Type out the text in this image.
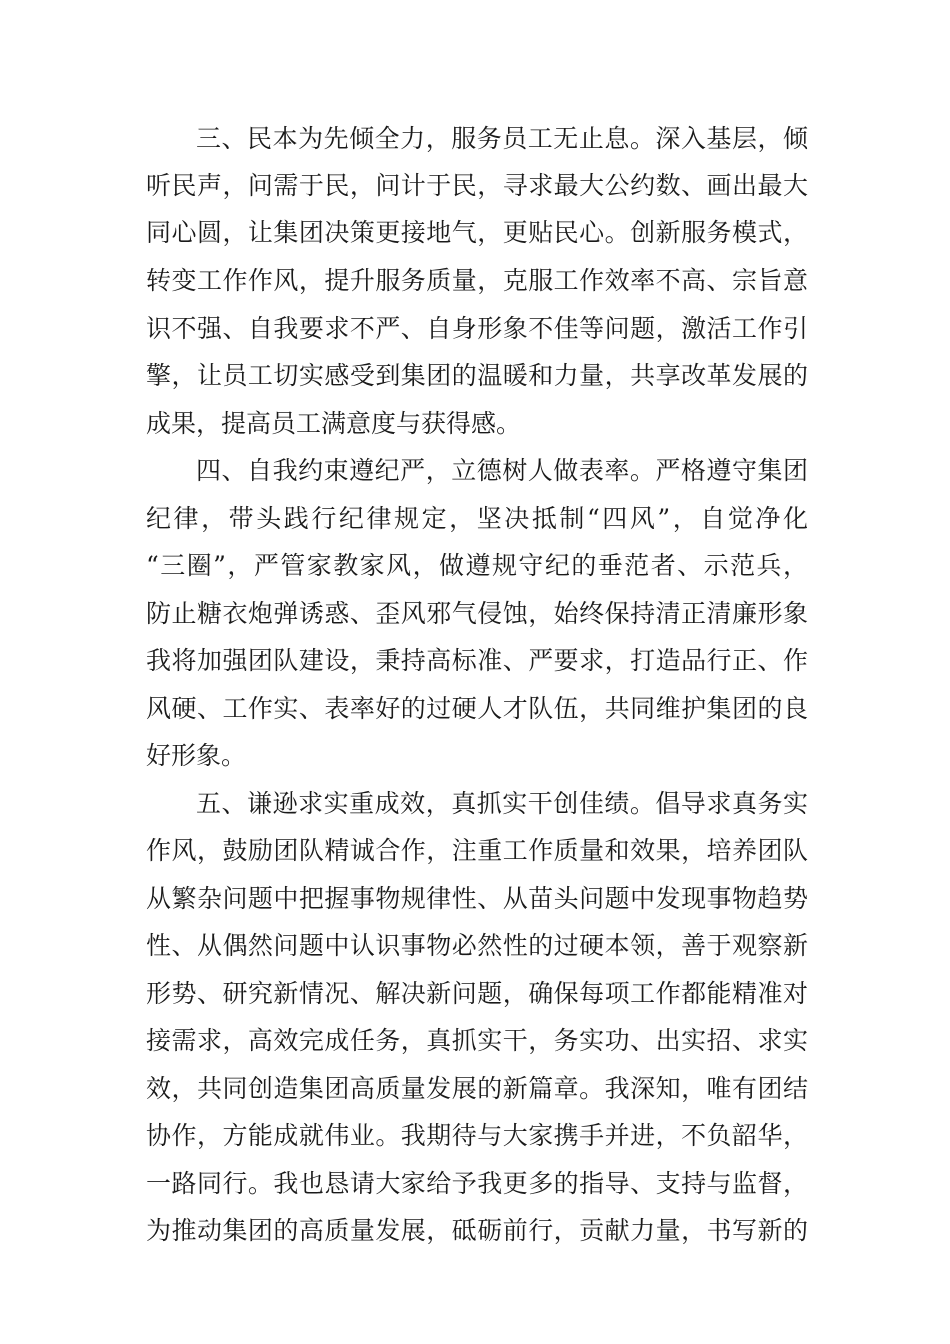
三、民本为先倾全力，服务员工无止息。深入基层，倾
听民声，问需于民，问计于民，寻求最大公约数、画出最大
同心圆，让集团决策更接地气，更贴民心。创新服务模式，
转变工作作风，提升服务质量，克服工作效率不高、宗旨意
识不强、自我要求不严、自身形象不佳等问题，激活工作引
擎，让员工切实感受到集团的温暖和力量，共享改革发展的
成果，提高员工满意度与获得感。
四、自我约束遵纪严，立德树人做表率。严格遵守集团
纪律，带头践行纪律规定，坚决抵制“四风”，自觉净化
“三圈”，严管家教家风，做遵规守纪的垂范者、示范兵，
防止糖衣炮弹诱惑、歪风邪气侵蚀，始终保持清正清廉形象
我将加强团队建设，秉持高标准、严要求，打造品行正、作
风硬、工作实、表率好的过硬人才队伍，共同维护集团的良
好形象。
五、谦逊求实重成效，真抓实干创佳绩。倡导求真务实
作风，鼓励团队精诚合作，注重工作质量和效果，培养团队
从繁杂问题中把握事物规律性、从苗头问题中发现事物趋势
性、从偶然问题中认识事物必然性的过硬本领，善于观察新
形势、研究新情况、解决新问题，确保每项工作都能精准对
接需求，高效完成任务，真抓实干，务实功、出实招、求实
效，共同创造集团高质量发展的新篇章。我深知，唯有团结
协作，方能成就伟业。我期待与大家携手并进，不负韶华，
一路同行。我也恳请大家给予我更多的指导、支持与监督，
为推动集团的高质量发展，砥砺前行，贡献力量，书写新的
